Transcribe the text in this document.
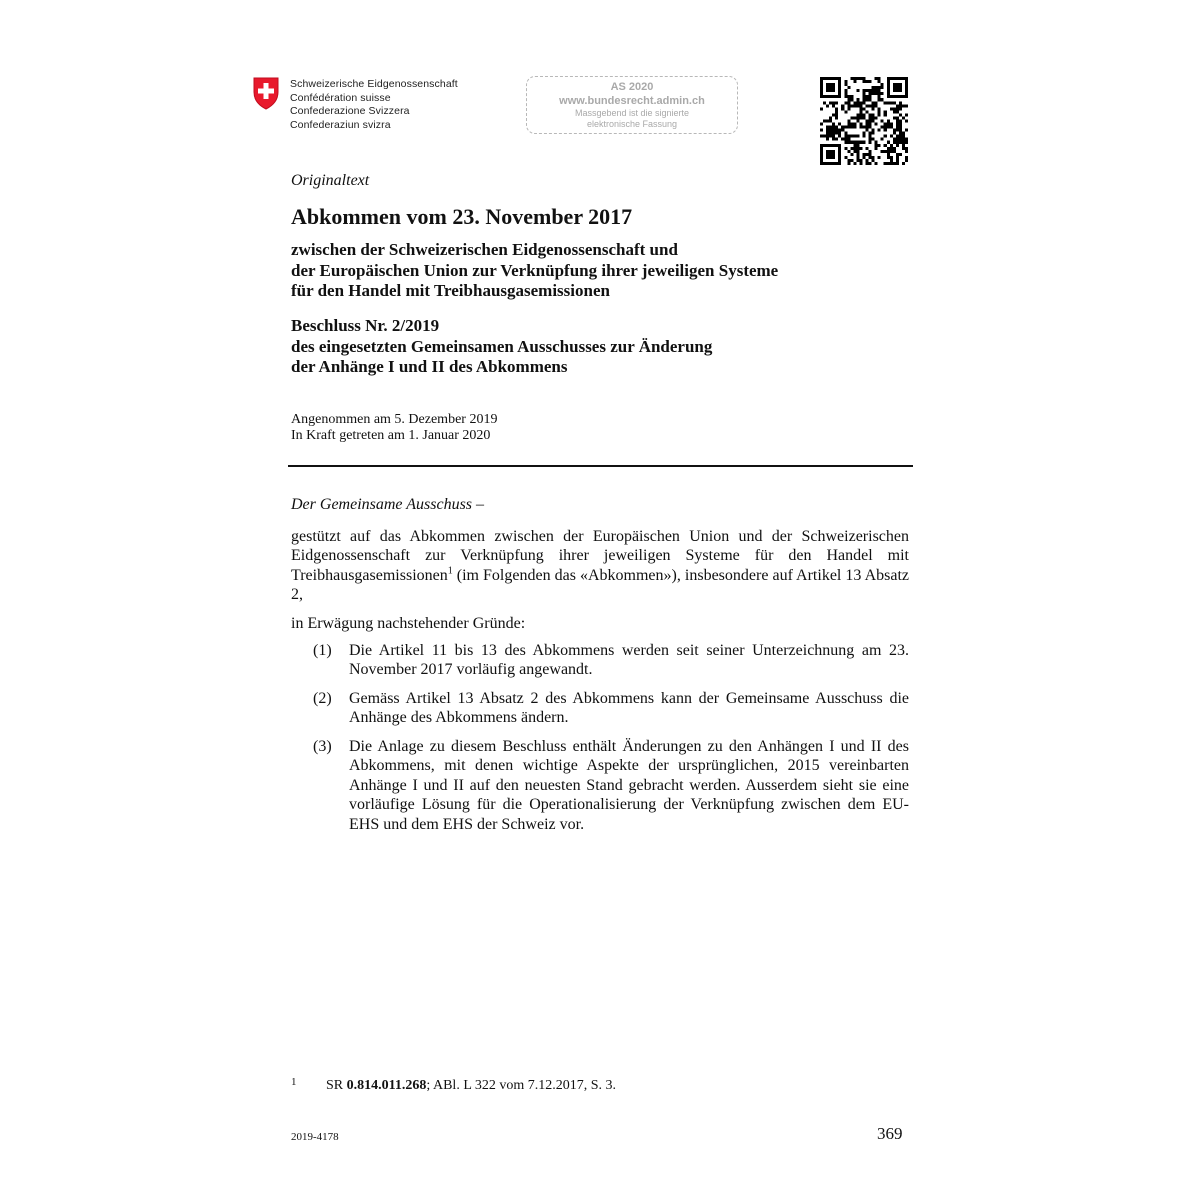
Schweizerische Eidgenossenschaft
Confédération suisse
Confederazione Svizzera
Confederaziun svizra
AS 2020
www.bundesrecht.admin.ch
Massgebend ist die signierte
elektronische Fassung
Originaltext
Abkommen vom 23. November 2017
zwischen der Schweizerischen Eidgenossenschaft und
der Europäischen Union zur Verknüpfung ihrer jeweiligen Systeme
für den Handel mit Treibhausgasemissionen
Beschluss Nr. 2/2019
des eingesetzten Gemeinsamen Ausschusses zur Änderung
der Anhänge I und II des Abkommens
Angenommen am 5. Dezember 2019
In Kraft getreten am 1. Januar 2020
Der Gemeinsame Ausschuss –
gestützt auf das Abkommen zwischen der Europäischen Union und der Schweizerischen Eidgenossenschaft zur Verknüpfung ihrer jeweiligen Systeme für den Handel mit Treibhausgasemissionen$^1$ (im Folgenden das «Abkommen»), insbesondere auf Artikel 13 Absatz 2,
in Erwägung nachstehender Gründe:
(1) Die Artikel 11 bis 13 des Abkommens werden seit seiner Unterzeichnung am 23. November 2017 vorläufig angewandt.
(2) Gemäss Artikel 13 Absatz 2 des Abkommens kann der Gemeinsame Ausschuss die Anhänge des Abkommens ändern.
(3) Die Anlage zu diesem Beschluss enthält Änderungen zu den Anhängen I und II des Abkommens, mit denen wichtige Aspekte der ursprünglichen, 2015 vereinbarten Anhänge I und II auf den neuesten Stand gebracht werden. Ausserdem sieht sie eine vorläufige Lösung für die Operationalisierung der Verknüpfung zwischen dem EU-EHS und dem EHS der Schweiz vor.
1 SR 0.814.011.268; ABl. L 322 vom 7.12.2017, S. 3.
2019-4178	369
